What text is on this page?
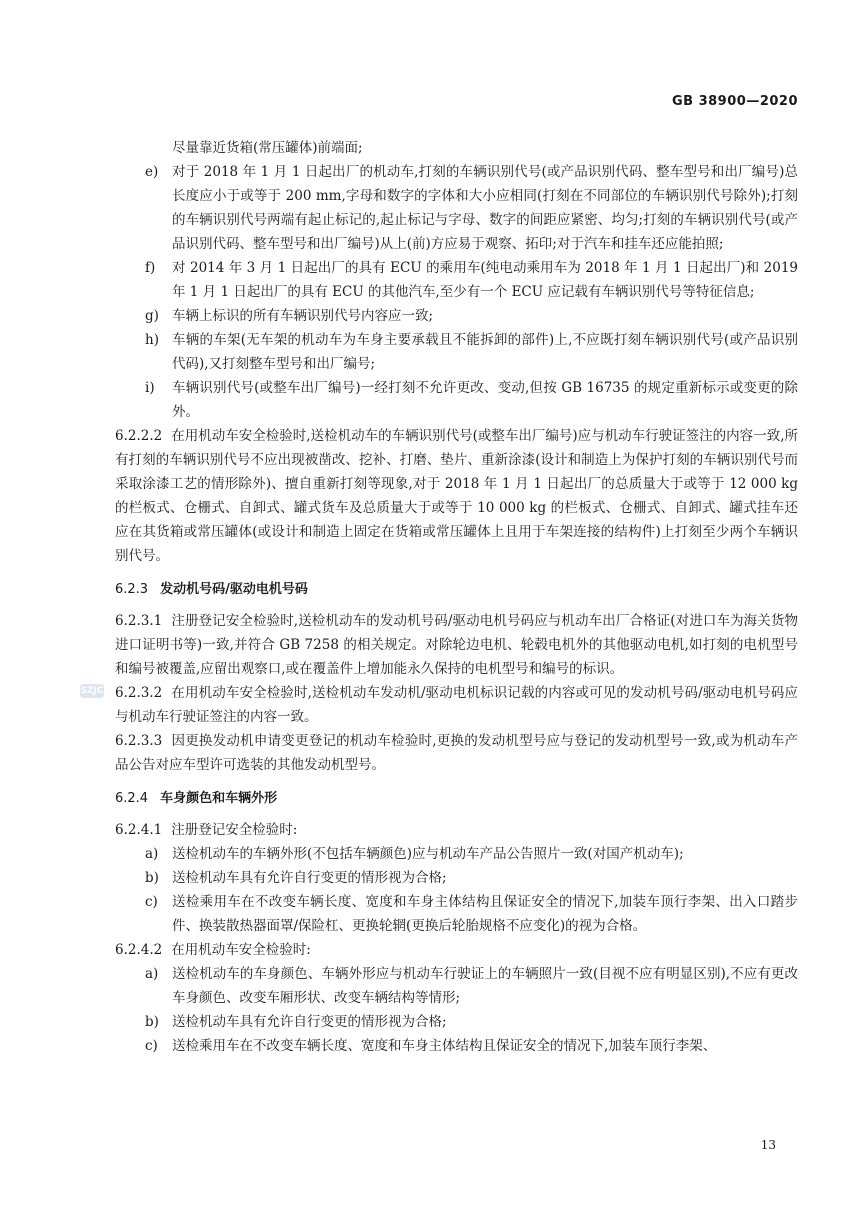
GB 38900—2020
SZJC

尽量靠近货箱(常压罐体)前端面;

e)	对于 2018 年 1 月 1 日起出厂的机动车,打刻的车辆识别代号(或产品识别代码、整车型号和出厂编号)总长度应小于或等于 200 mm,字母和数字的字体和大小应相同(打刻在不同部位的车辆识别代号除外);打刻的车辆识别代号两端有起止标记的,起止标记与字母、数字的间距应紧密、均匀;打刻的车辆识别代号(或产品识别代码、整车型号和出厂编号)从上(前)方应易于观察、拓印;对于汽车和挂车还应能拍照;
f)	对 2014 年 3 月 1 日起出厂的具有 ECU 的乘用车(纯电动乘用车为 2018 年 1 月 1 日起出厂)和 2019 年 1 月 1 日起出厂的具有 ECU 的其他汽车,至少有一个 ECU 应记载有车辆识别代号等特征信息;
g) 车辆上标识的所有车辆识别代号内容应一致;
h) 车辆的车架(无车架的机动车为车身主要承载且不能拆卸的部件)上,不应既打刻车辆识别代号(或产品识别代码),又打刻整车型号和出厂编号;
i)	车辆识别代号(或整车出厂编号)一经打刻不允许更改、变动,但按 GB 16735 的规定重新标示或变更的除外。

6.2.2.2 在用机动车安全检验时,送检机动车的车辆识别代号(或整车出厂编号)应与机动车行驶证签注的内容一致,所有打刻的车辆识别代号不应出现被凿改、挖补、打磨、垫片、重新涂漆(设计和制造上为保护打刻的车辆识别代号而采取涂漆工艺的情形除外)、擅自重新打刻等现象,对于 2018 年 1 月 1 日起出厂的总质量大于或等于 12 000 kg 的栏板式、仓栅式、自卸式、罐式货车及总质量大于或等于 10 000 kg 的栏板式、仓栅式、自卸式、罐式挂车还应在其货箱或常压罐体(或设计和制造上固定在货箱或常压罐体上且用于车架连接的结构件)上打刻至少两个车辆识别代号。

6.2.3 发动机号码/驱动电机号码

6.2.3.1 注册登记安全检验时,送检机动车的发动机号码/驱动电机号码应与机动车出厂合格证(对进口车为海关货物进口证明书等)一致,并符合 GB 7258 的相关规定。对除轮边电机、轮毂电机外的其他驱动电机,如打刻的电机型号和编号被覆盖,应留出观察口,或在覆盖件上增加能永久保持的电机型号和编号的标识。

6.2.3.2 在用机动车安全检验时,送检机动车发动机/驱动电机标识记载的内容或可见的发动机号码/驱动电机号码应与机动车行驶证签注的内容一致。

6.2.3.3 因更换发动机申请变更登记的机动车检验时,更换的发动机型号应与登记的发动机型号一致,或为机动车产品公告对应车型许可选装的其他发动机型号。

6.2.4 车身颜色和车辆外形

6.2.4.1 注册登记安全检验时:

a)	送检机动车的车辆外形(不包括车辆颜色)应与机动车产品公告照片一致(对国产机动车);
b) 送检机动车具有允许自行变更的情形视为合格;
c)	送检乘用车在不改变车辆长度、宽度和车身主体结构且保证安全的情况下,加装车顶行李架、出入口踏步件、换装散热器面罩/保险杠、更换轮辋(更换后轮胎规格不应变化)的视为合格。

6.2.4.2 在用机动车安全检验时:

a)	送检机动车的车身颜色、车辆外形应与机动车行驶证上的车辆照片一致(目视不应有明显区别),不应有更改车身颜色、改变车厢形状、改变车辆结构等情形;
b) 送检机动车具有允许自行变更的情形视为合格;
c)	送检乘用车在不改变车辆长度、宽度和车身主体结构且保证安全的情况下,加装车顶行李架、
13
